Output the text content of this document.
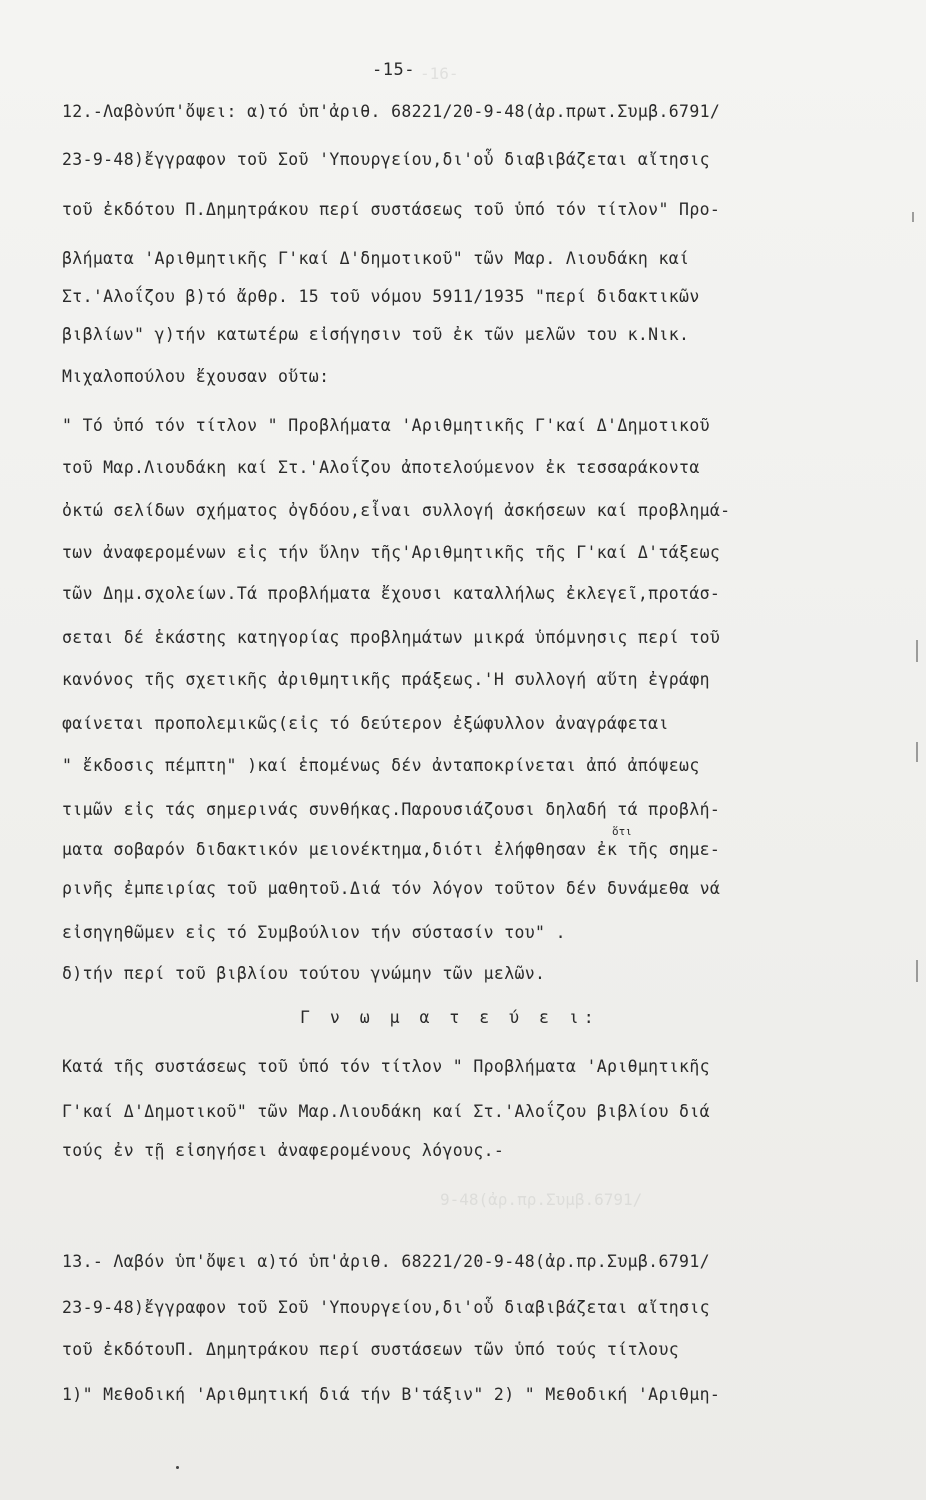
-16-
9-48(ἀρ.πρ.Συμβ.6791/
-15-
12.-Λαβὸνύπ'ὄψει: α)τό ὑπ'ἀριθ. 68221/20-9-48(ἀρ.πρωτ.Συμβ.6791/
23-9-48)ἔγγραφον τοῦ Σοῦ 'Υπουργείου,δι'οὗ διαβιβάζεται αἴτησις
τοῦ ἐκδότου Π.Δημητράκου περί συστάσεως τοῦ ὑπό τόν τίτλον" Προ-
βλήματα 'Αριθμητικῆς Γ'καί Δ'δημοτικοῦ" τῶν Μαρ. Λιουδάκη καί
Στ.'Αλοΐζου β)τό ἄρθρ. 15 τοῦ νόμου 5911/1935 "περί διδακτικῶν
βιβλίων" γ)τήν κατωτέρω εἰσήγησιν τοῦ ἐκ τῶν μελῶν του κ.Νικ.
Μιχαλοπούλου ἔχουσαν οὕτω:
" Τό ὑπό τόν τίτλον " Προβλήματα 'Αριθμητικῆς Γ'καί Δ'Δημοτικοῦ
τοῦ Μαρ.Λιουδάκη καί Στ.'Αλοΐζου ἀποτελούμενον ἐκ τεσσαράκοντα
ὀκτώ σελίδων σχήματος ὀγδόου,εἶναι συλλογή ἀσκήσεων καί προβλημά-
των ἀναφερομένων εἰς τήν ὕλην τῆς'Αριθμητικῆς τῆς Γ'καί Δ'τάξεως
τῶν Δημ.σχολείων.Τά προβλήματα ἔχουσι καταλλήλως ἐκλεγεῖ,προτάσ-
σεται δέ ἑκάστης κατηγορίας προβλημάτων μικρά ὑπόμνησις περί τοῦ
κανόνος τῆς σχετικῆς ἀριθμητικῆς πράξεως.'Η συλλογή αὕτη ἐγράφη
φαίνεται προπολεμικῶς(εἰς τό δεύτερον ἐξώφυλλον ἀναγράφεται
" ἔκδοσις πέμπτη" )καί ἑπομένως δέν ἀνταποκρίνεται ἀπό ἀπόψεως
τιμῶν εἰς τάς σημερινάς συνθήκας.Παρουσιάζουσι δηλαδή τά προβλή-
ματα σοβαρόν διδακτικόν μειονέκτημα,διότι ἐλήφθησαν ἐκ τῆς σημε-
ρινῆς ἐμπειρίας τοῦ μαθητοῦ.Διά τόν λόγον τοῦτον δέν δυνάμεθα νά
εἰσηγηθῶμεν εἰς τό Συμβούλιον τήν σύστασίν του" .
δ)τήν περί τοῦ βιβλίου τούτου γνώμην τῶν μελῶν.
ὅτι
Γ ν ω μ α τ ε ύ ε ι:
Κατά τῆς συστάσεως τοῦ ὑπό τόν τίτλον " Προβλήματα 'Αριθμητικῆς
Γ'καί Δ'Δημοτικοῦ" τῶν Μαρ.Λιουδάκη καί Στ.'Αλοΐζου βιβλίου διά
τούς ἐν τῇ εἰσηγήσει ἀναφερομένους λόγους.-
13.- Λαβόν ὑπ'ὄψει α)τό ὑπ'ἀριθ. 68221/20-9-48(ἀρ.πρ.Συμβ.6791/
23-9-48)ἔγγραφον τοῦ Σοῦ 'Υπουργείου,δι'οὗ διαβιβάζεται αἴτησις
τοῦ ἐκδότουΠ. Δημητράκου περί συστάσεων τῶν ὑπό τούς τίτλους
1)" Μεθοδική 'Αριθμητική διά τήν Β'τάξιν" 2) " Μεθοδική 'Αριθμη-
